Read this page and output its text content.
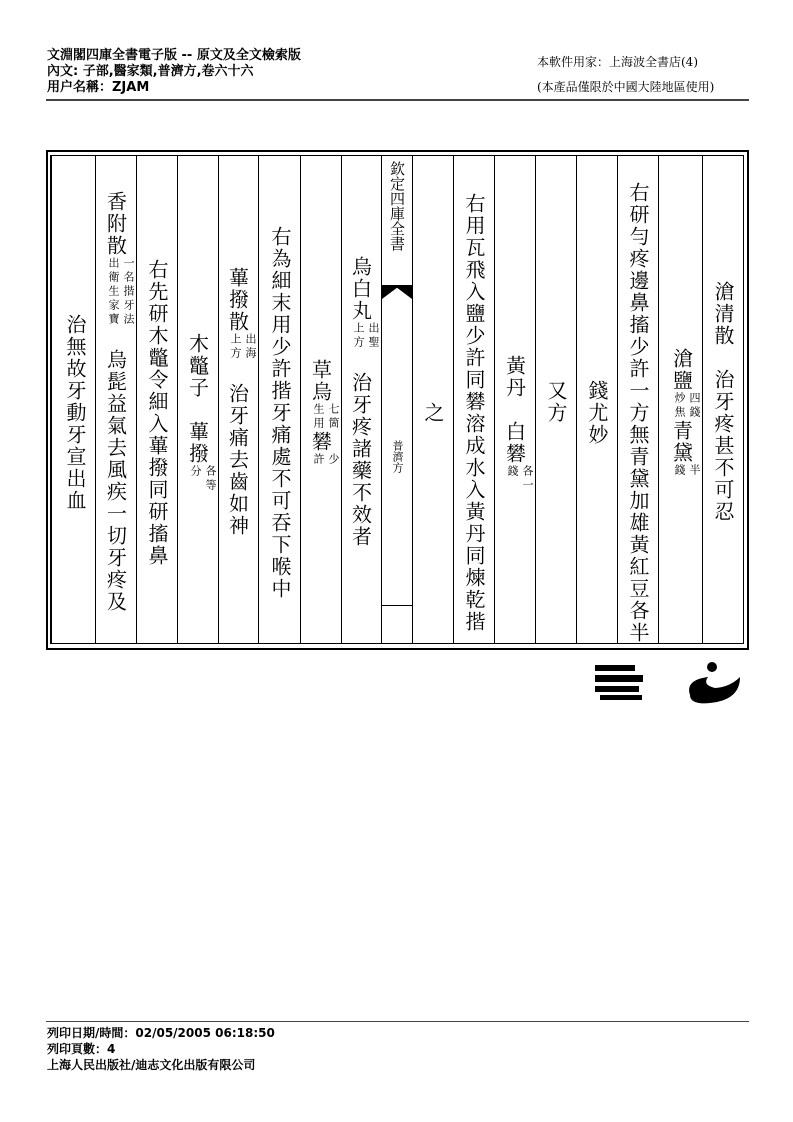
文淵閣四庫全書電子版 -- 原文及全文檢索版
內文: 子部,醫家類,普濟方,卷六十六
用户名稱：ZJAM
本軟件用家：上海波全書店(4)
(本產品僅限於中國大陸地區使用)
滄清散　治牙疼甚不可忍
　滄鹽四錢炒焦青黛半錢
　右研勻疼邊鼻搐少許一方無青黛加雄黃紅豆各半
　錢尤妙
又方
　　黃丹　白礬各一錢
　右用瓦飛入鹽少許同礬溶成水入黃丹同煉乾揩
　之
烏白丸出聖上方　治牙疼諸藥不效者
　草烏七箇生用礬少許
　右為細末用少許揩牙痛處不可吞下喉中
蓽撥散出海上方　治牙痛去齒如神
　木鼈子　蓽撥各等分
　右先研木鼈令細入蓽撥同研搐鼻
香附散一名揩牙法出衛生家寶　烏髭益氣去風疾一切牙疼及
　治無故牙動牙宣出血
欽定四庫全書
普濟方
列印日期/時間：02/05/2005 06:18:50
列印頁數：4
上海人民出版社/迪志文化出版有限公司
